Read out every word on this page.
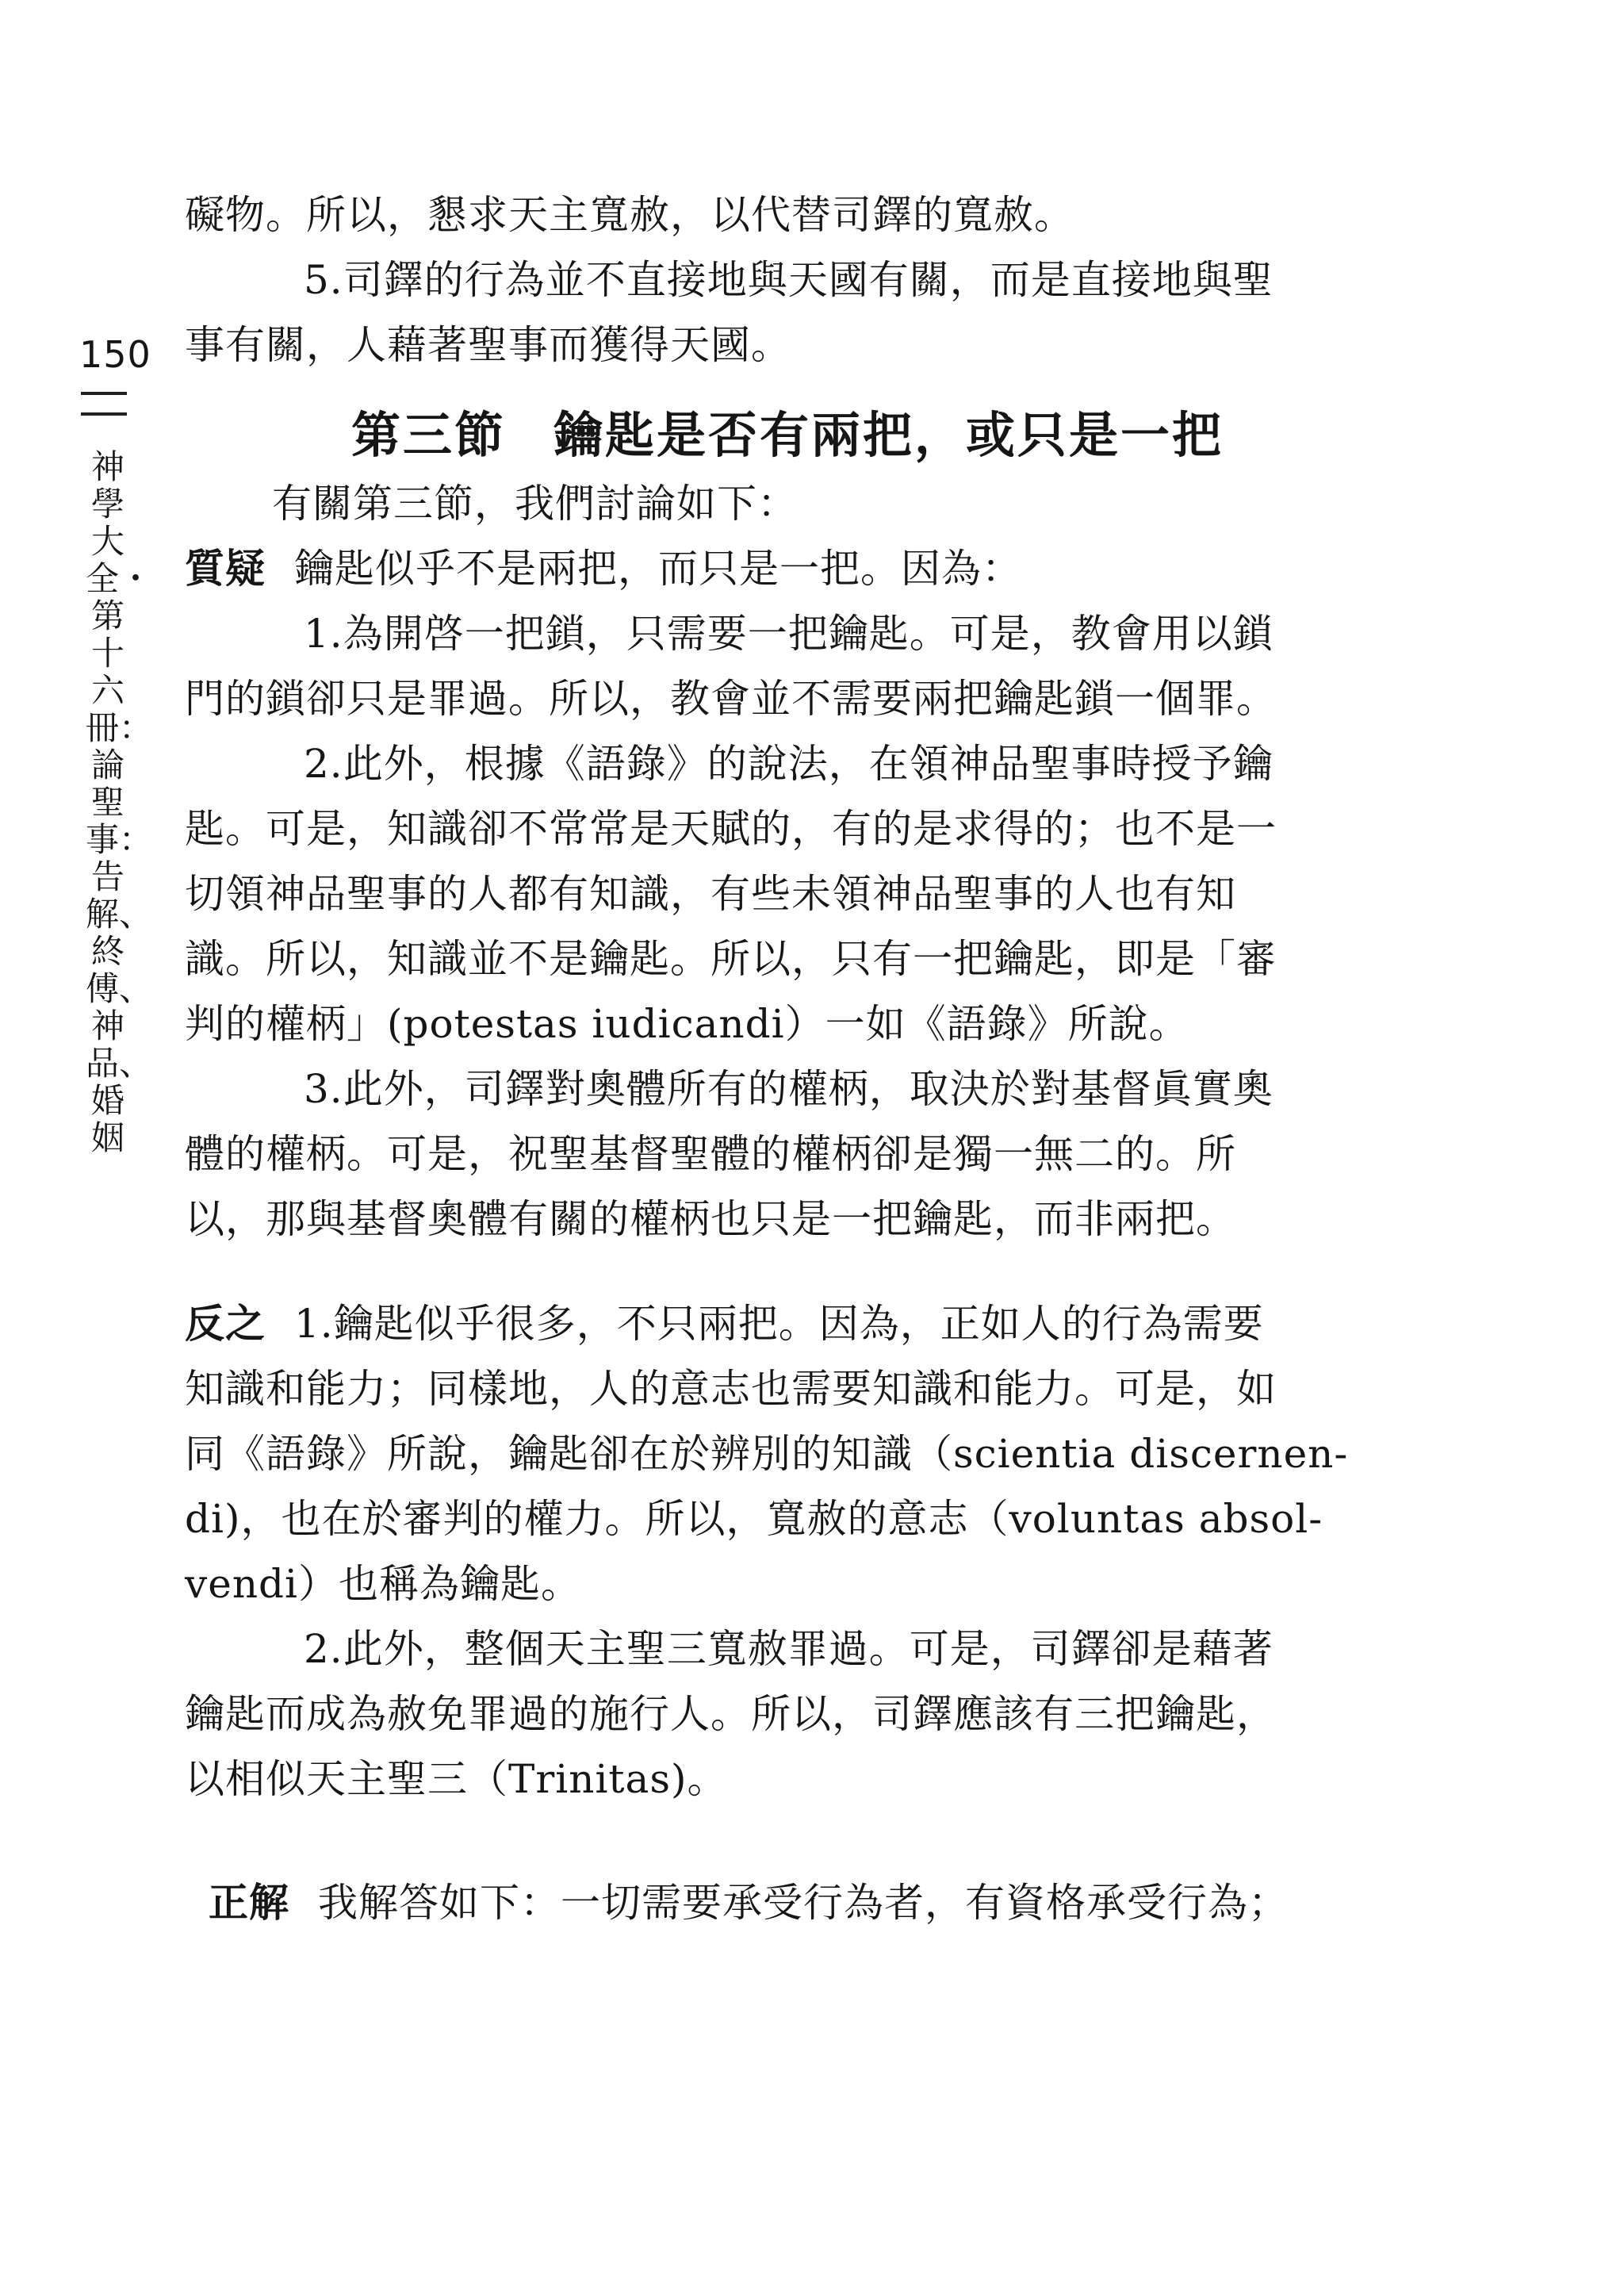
150
神學大全・第十六冊：論聖事：告解、終傅、神品、婚姻
礙物。所以，懇求天主寬赦，以代替司鐸的寬赦。
5.司鐸的行為並不直接地與天國有關，而是直接地與聖
事有關，人藉著聖事而獲得天國。
第三節 鑰匙是否有兩把，或只是一把
有關第三節，我們討論如下：
質疑 鑰匙似乎不是兩把，而只是一把。因為：
1.為開啓一把鎖，只需要一把鑰匙。可是，教會用以鎖
門的鎖卻只是罪過。所以，教會並不需要兩把鑰匙鎖一個罪。
2.此外，根據《語錄》的說法，在領神品聖事時授予鑰
匙。可是，知識卻不常常是天賦的，有的是求得的；也不是一
切領神品聖事的人都有知識，有些未領神品聖事的人也有知
識。所以，知識並不是鑰匙。所以，只有一把鑰匙，即是「審
判的權柄」(potestas iudicandi）一如《語錄》所說。
3.此外，司鐸對奧體所有的權柄，取決於對基督眞實奧
體的權柄。可是，祝聖基督聖體的權柄卻是獨一無二的。所
以，那與基督奧體有關的權柄也只是一把鑰匙，而非兩把。
反之 1.鑰匙似乎很多，不只兩把。因為，正如人的行為需要
知識和能力；同樣地，人的意志也需要知識和能力。可是，如
同《語錄》所說，鑰匙卻在於辨別的知識（scientia discernen-
di)，也在於審判的權力。所以，寬赦的意志（voluntas absol-
vendi）也稱為鑰匙。
2.此外，整個天主聖三寬赦罪過。可是，司鐸卻是藉著
鑰匙而成為赦免罪過的施行人。所以，司鐸應該有三把鑰匙，
以相似天主聖三（Trinitas)。
正解 我解答如下：一切需要承受行為者，有資格承受行為；
